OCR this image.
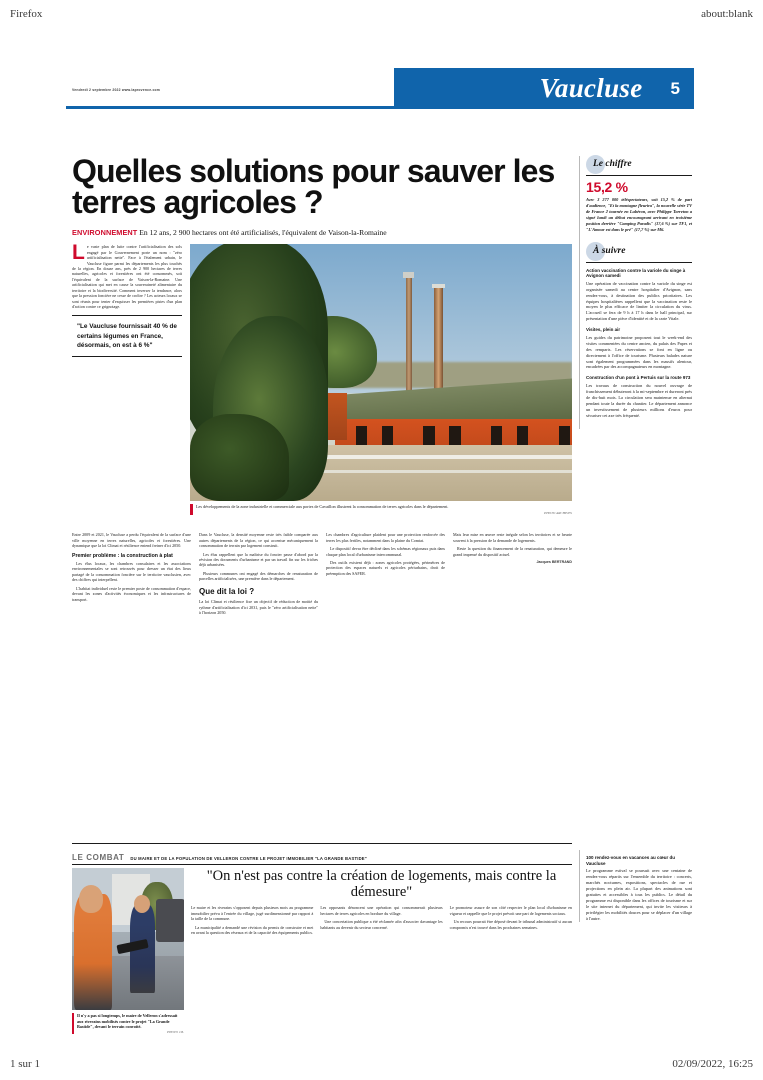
Firefox	about:blank
1 sur 1	02/09/2022, 16:25
Vendredi 2 septembre 2022 www.laprovence.com	Vaucluse 5
Quelles solutions pour sauver les terres agricoles ?
ENVIRONNEMENT En 12 ans, 2 900 hectares ont été artificialisés, l'équivalent de Vaison-la-Romaine

Le vaste plan de lutte contre l'artificialisation des sols engagé par le Gouvernement porte un nom : "zéro artificialisation nette". Face à l'étalement urbain, le Vaucluse figure parmi les départements les plus touchés de la région. En douze ans, près de 2 900 hectares de terres naturelles, agricoles et forestières ont été consommés, soit l'équivalent de la surface de Vaison-la-Romaine. Une artificialisation qui met en cause la souveraineté alimentaire du territoire et la biodiversité. Comment inverser la tendance, alors que la pression foncière ne cesse de croître ? Les acteurs locaux se sont réunis pour tenter d'esquisser les premières pistes d'un plan d'action contre ce grignotage.

"Le Vaucluse fournissait 40 % de certains légumes en France, désormais, on est à 6 %"
Les développements de la zone industrielle et commerciale aux portes de Cavaillon illustrent la consommation de terres agricoles dans le département.
PHOTO ARCHIVES

Entre 2009 et 2021, le Vaucluse a perdu l'équivalent de la surface d'une ville moyenne en terres naturelles, agricoles et forestières. Une dynamique que la loi Climat et résilience entend freiner d'ici 2050.

Premier problème : la construction à plat

Les élus locaux, les chambres consulaires et les associations environnementales se sont retrouvés pour dresser un état des lieux partagé de la consommation foncière sur le territoire vauclusien, avec des chiffres qui interpellent.

L'habitat individuel reste le premier poste de consommation d'espace, devant les zones d'activités économiques et les infrastructures de transport.

Dans le Vaucluse, la densité moyenne reste très faible comparée aux autres départements de la région, ce qui accentue mécaniquement la consommation de terrain par logement construit.

Les élus rappellent que la maîtrise du foncier passe d'abord par la révision des documents d'urbanisme et par un travail fin sur les friches déjà urbanisées.

Plusieurs communes ont engagé des démarches de renaturation de parcelles artificialisées, une première dans le département.

Que dit la loi ?

La loi Climat et résilience fixe un objectif de réduction de moitié du rythme d'artificialisation d'ici 2031, puis le "zéro artificialisation nette" à l'horizon 2050.

Les chambres d'agriculture plaident pour une protection renforcée des terres les plus fertiles, notamment dans la plaine du Comtat.

Le dispositif devra être décliné dans les schémas régionaux puis dans chaque plan local d'urbanisme intercommunal.

Des outils existent déjà : zones agricoles protégées, périmètres de protection des espaces naturels et agricoles périurbains, droit de préemption des SAFER.

Mais leur mise en œuvre reste inégale selon les territoires et se heurte souvent à la pression de la demande de logements.

Reste la question du financement de la renaturation, qui demeure le grand impensé du dispositif actuel.

Jacques BERTRAND
Le chiffre
15,2 %
Avec 3 277 000 téléspectateurs, soit 15,2 % de part d'audience, "Et la montagne fleurira", la nouvelle série TV de France 2 tournée en Lubéron, avec Philippe Torreton a signé lundi un début encourageant arrivant en troisième position derrière "Camping Paradis" (17,6 %) sur TF1, et "L'Amour est dans le pré" (17,7 %) sur M6.
À suivre
Action vaccination contre la variole du singe à Avignon samedi
Une opération de vaccination contre la variole du singe est organisée samedi au centre hospitalier d'Avignon, sans rendez-vous, à destination des publics prioritaires. Les équipes hospitalières rappellent que la vaccination reste le moyen le plus efficace de limiter la circulation du virus. L'accueil se fera de 9 h à 17 h dans le hall principal, sur présentation d'une pièce d'identité et de la carte Vitale.
Visites, plein air
Les guides du patrimoine proposent tout le week-end des visites commentées du centre ancien, du palais des Papes et des remparts. Les réservations se font en ligne ou directement à l'office de tourisme. Plusieurs balades nature sont également programmées dans les massifs alentour, encadrées par des accompagnateurs en montagne.
Construction d'un pont à Pertuis sur la route 973
Les travaux de construction du nouvel ouvrage de franchissement débuteront à la mi-septembre et dureront près de dix-huit mois. La circulation sera maintenue en alternat pendant toute la durée du chantier. Le département annonce un investissement de plusieurs millions d'euros pour sécuriser cet axe très fréquenté.
100 rendez-vous en vacances au cœur du Vaucluse
Le programme estival se poursuit avec une centaine de rendez-vous répartis sur l'ensemble du territoire : concerts, marchés nocturnes, expositions, spectacles de rue et projections en plein air. La plupart des animations sont gratuites et accessibles à tous les publics. Le détail du programme est disponible dans les offices de tourisme et sur le site internet du département, qui invite les visiteurs à privilégier les mobilités douces pour se déplacer d'un village à l'autre.
LE COMBAT DU MAIRE ET DE LA POPULATION DE VELLERON CONTRE LE PROJET IMMOBILIER "LA GRANDE BASTIDE"
Il n'y a pas si longtemps, le maire de Velleron s'adressait aux riverains mobilisés contre le projet "La Grande Bastide", devant le terrain convoité.
PHOTO J.B.
"On n'est pas contre la création de logements, mais contre la démesure"

Le maire et les riverains s'opposent depuis plusieurs mois au programme immobilier prévu à l'entrée du village, jugé surdimensionné par rapport à la taille de la commune.

La municipalité a demandé une révision du permis de construire et met en avant la question des réseaux et de la capacité des équipements publics.

Les opposants dénoncent une opération qui consommerait plusieurs hectares de terres agricoles en bordure du village.

Une concertation publique a été réclamée afin d'associer davantage les habitants au devenir du secteur concerné.

Le promoteur assure de son côté respecter le plan local d'urbanisme en vigueur et rappelle que le projet prévoit une part de logements sociaux.

Un recours pourrait être déposé devant le tribunal administratif si aucun compromis n'est trouvé dans les prochaines semaines.
